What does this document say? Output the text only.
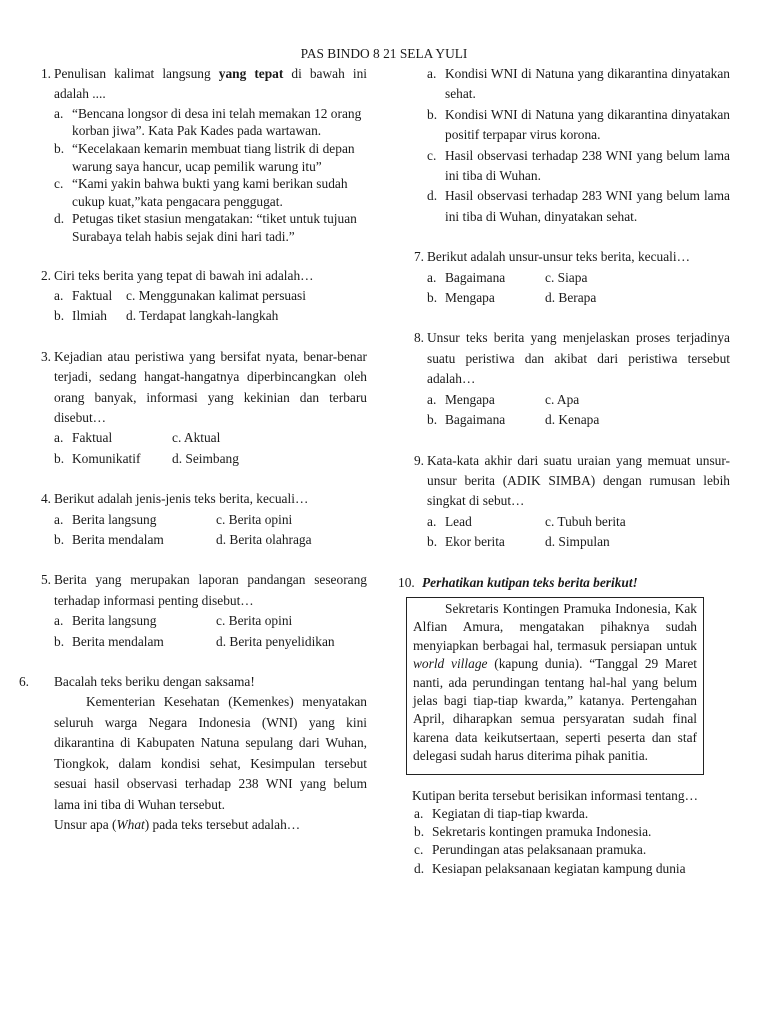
PAS BINDO 8 21 SELA YULI
1. Penulisan kalimat langsung yang tepat di bawah ini adalah ....
a. “Bencana longsor di desa ini telah memakan 12 orang korban jiwa”. Kata Pak Kades pada wartawan.
b. “Kecelakaan kemarin membuat tiang listrik di depan warung saya hancur, ucap pemilik warung itu”
c. “Kami yakin bahwa bukti yang kami berikan sudah cukup kuat,”kata pengacara penggugat.
d. Petugas tiket stasiun mengatakan: “tiket untuk tujuan Surabaya telah habis sejak dini hari tadi.”
2. Ciri teks berita yang tepat di bawah ini adalah…
a. Faktual	c. Menggunakan kalimat persuasi
b. Ilmiah	d. Terdapat langkah-langkah
3. Kejadian atau peristiwa yang bersifat nyata, benar-benar terjadi, sedang hangat-hangatnya diperbincangkan oleh orang banyak, informasi yang kekinian dan terbaru disebut…
a. Faktual	c. Aktual
b. Komunikatif	d. Seimbang
4. Berikut adalah jenis-jenis teks berita, kecuali…
a. Berita langsung	c. Berita opini
b. Berita mendalam	d. Berita olahraga
5. Berita yang merupakan laporan pandangan seseorang terhadap informasi penting disebut…
a. Berita langsung	c. Berita opini
b. Berita mendalam	d. Berita penyelidikan
6. Bacalah teks beriku dengan saksama!
Kementerian Kesehatan (Kemenkes) menyatakan seluruh warga Negara Indonesia (WNI) yang kini dikarantina di Kabupaten Natuna sepulang dari Wuhan, Tiongkok, dalam kondisi sehat, Kesimpulan tersebut sesuai hasil observasi terhadap 238 WNI yang belum lama ini tiba di Wuhan tersebut.
Unsur apa (What) pada teks tersebut adalah…
a. Kondisi WNI di Natuna yang dikarantina dinyatakan sehat.
b. Kondisi WNI di Natuna yang dikarantina dinyatakan positif terpapar virus korona.
c. Hasil observasi terhadap 238 WNI yang belum lama ini tiba di Wuhan.
d. Hasil observasi terhadap 283 WNI yang belum lama ini tiba di Wuhan, dinyatakan sehat.
7. Berikut adalah unsur-unsur teks berita, kecuali…
a. Bagaimana	c. Siapa
b. Mengapa	d. Berapa
8. Unsur teks berita yang menjelaskan proses terjadinya suatu peristiwa dan akibat dari peristiwa tersebut adalah…
a. Mengapa	c. Apa
b. Bagaimana	d. Kenapa
9. Kata-kata akhir dari suatu uraian yang memuat unsur-unsur berita (ADIK SIMBA) dengan rumusan lebih singkat di sebut…
a. Lead	c. Tubuh berita
b. Ekor berita	d. Simpulan
10. Perhatikan kutipan teks berita berikut!
Sekretaris Kontingen Pramuka Indonesia, Kak Alfian Amura, mengatakan pihaknya sudah menyiapkan berbagai hal, termasuk persiapan untuk world village (kapung dunia). “Tanggal 29 Maret nanti, ada perundingan tentang hal-hal yang belum jelas bagi tiap-tiap kwarda,” katanya. Pertengahan April, diharapkan semua persyaratan sudah final karena data keikutsertaan, seperti peserta dan staf delegasi sudah harus diterima pihak panitia.
Kutipan berita tersebut berisikan informasi tentang…
a. Kegiatan di tiap-tiap kwarda.
b. Sekretaris kontingen pramuka Indonesia.
c. Perundingan atas pelaksanaan pramuka.
d. Kesiapan pelaksanaan kegiatan kampung dunia
